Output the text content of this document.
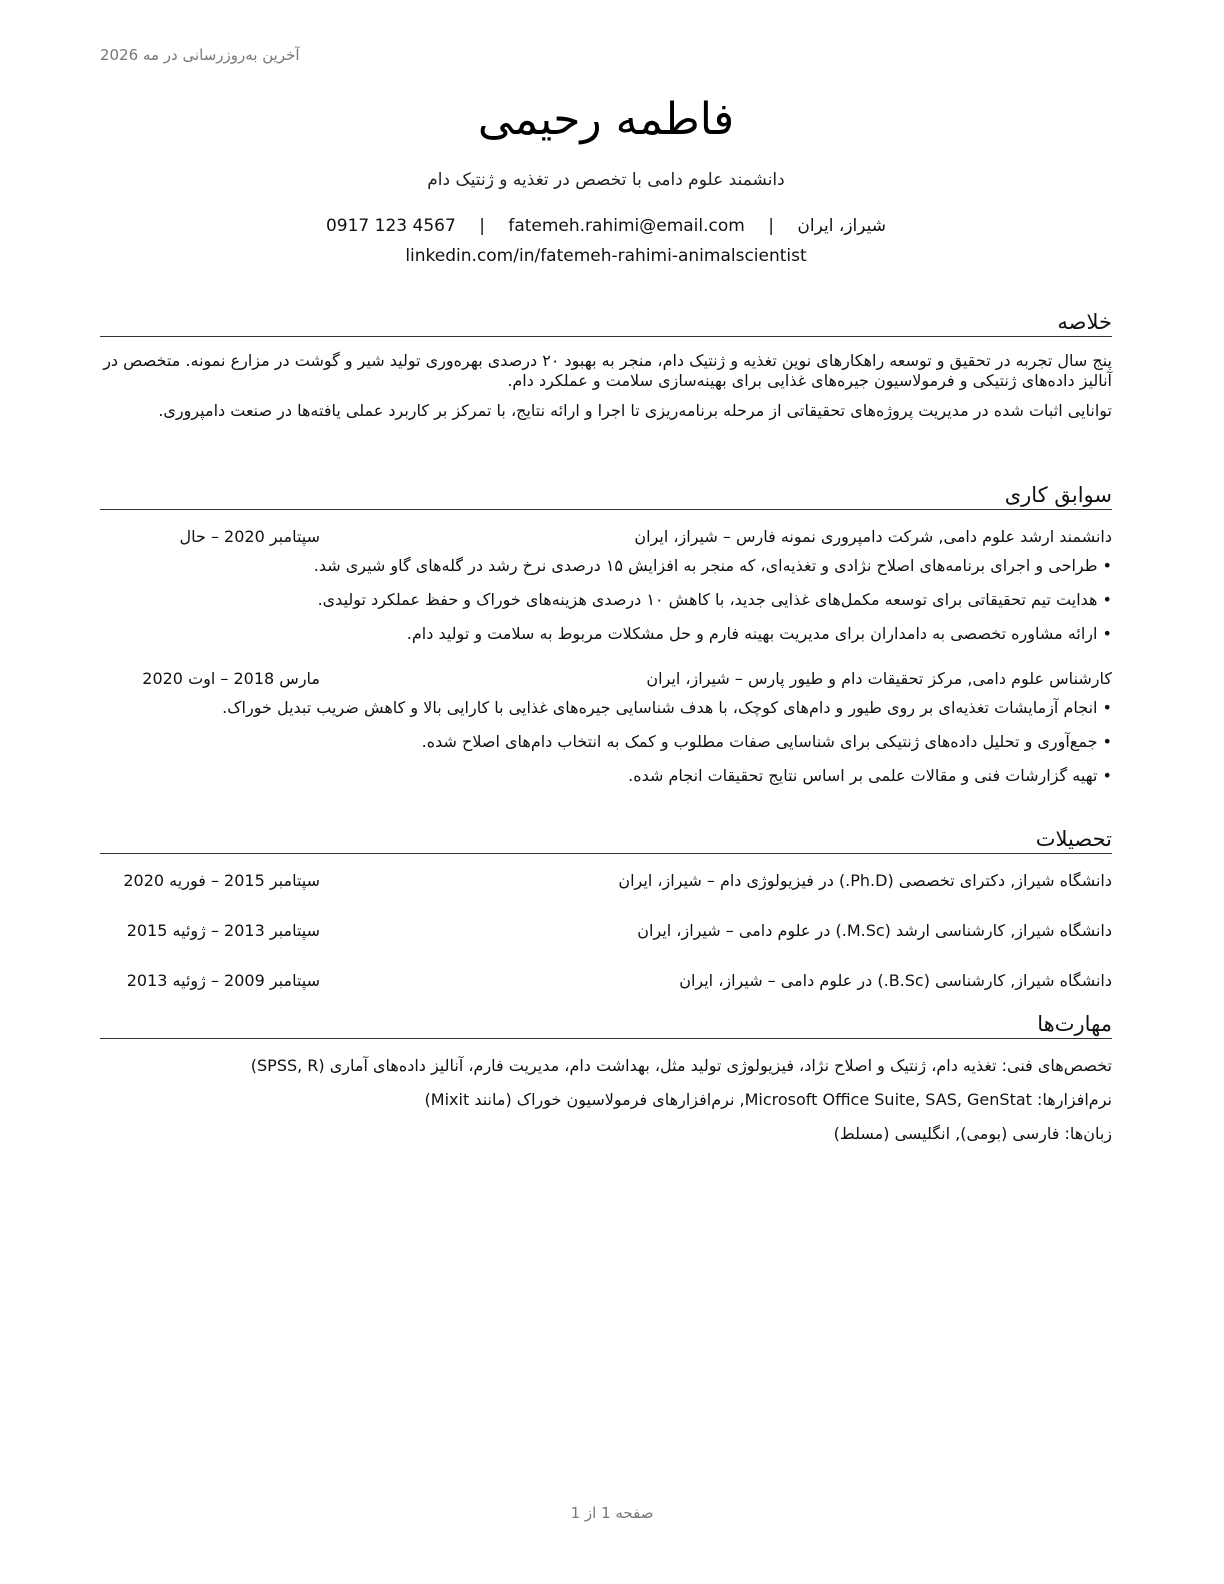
آخرین به‌روزرسانی در مه 2026
فاطمه رحیمی
دانشمند علوم دامی با تخصص در تغذیه و ژنتیک دام
شیراز، ایران | fatemeh.rahimi@email.com | 0917 123 4567
linkedin.com/in/fatemeh-rahimi-animalscientist
خلاصه

پنج سال تجربه در تحقیق و توسعه راهکارهای نوین تغذیه و ژنتیک دام، منجر به بهبود ۲۰ درصدی بهره‌وری تولید شیر و گوشت در مزارع نمونه. متخصص در آنالیز داده‌های ژنتیکی و فرمولاسیون جیره‌های غذایی برای بهینه‌سازی سلامت و عملکرد دام.

توانایی اثبات شده در مدیریت پروژه‌های تحقیقاتی از مرحله برنامه‌ریزی تا اجرا و ارائه نتایج، با تمرکز بر کاربرد عملی یافته‌ها در صنعت دامپروری.

سوابق کاری
دانشمند ارشد علوم دامی, شرکت دامپروری نمونه فارس – شیراز، ایران
سپتامبر 2020 – حال
• طراحی و اجرای برنامه‌های اصلاح نژادی و تغذیه‌ای، که منجر به افزایش ۱۵ درصدی نرخ رشد در گله‌های گاو شیری شد.
• هدایت تیم تحقیقاتی برای توسعه مکمل‌های غذایی جدید، با کاهش ۱۰ درصدی هزینه‌های خوراک و حفظ عملکرد تولیدی.
• ارائه مشاوره تخصصی به دامداران برای مدیریت بهینه فارم و حل مشکلات مربوط به سلامت و تولید دام.
کارشناس علوم دامی, مرکز تحقیقات دام و طیور پارس – شیراز، ایران
مارس 2018 – اوت 2020
• انجام آزمایشات تغذیه‌ای بر روی طیور و دام‌های کوچک، با هدف شناسایی جیره‌های غذایی با کارایی بالا و کاهش ضریب تبدیل خوراک.
• جمع‌آوری و تحلیل داده‌های ژنتیکی برای شناسایی صفات مطلوب و کمک به انتخاب دام‌های اصلاح شده.
• تهیه گزارشات فنی و مقالات علمی بر اساس نتایج تحقیقات انجام شده.
تحصیلات
دانشگاه شیراز, دکترای تخصصی (Ph.D.) در فیزیولوژی دام – شیراز، ایران
سپتامبر 2015 – فوریه 2020
دانشگاه شیراز, کارشناسی ارشد (M.Sc.) در علوم دامی – شیراز، ایران
سپتامبر 2013 – ژوئیه 2015
دانشگاه شیراز, کارشناسی (B.Sc.) در علوم دامی – شیراز، ایران
سپتامبر 2009 – ژوئیه 2013
مهارت‌ها

تخصص‌های فنی: تغذیه دام، ژنتیک و اصلاح نژاد، فیزیولوژی تولید مثل، بهداشت دام، مدیریت فارم، آنالیز داده‌های آماری (SPSS, R)

نرم‌افزارها: Microsoft Office Suite, SAS, GenStat, نرم‌افزارهای فرمولاسیون خوراک (مانند Mixit)

زبان‌ها: فارسی (بومی), انگلیسی (مسلط)

صفحه 1 از 1
